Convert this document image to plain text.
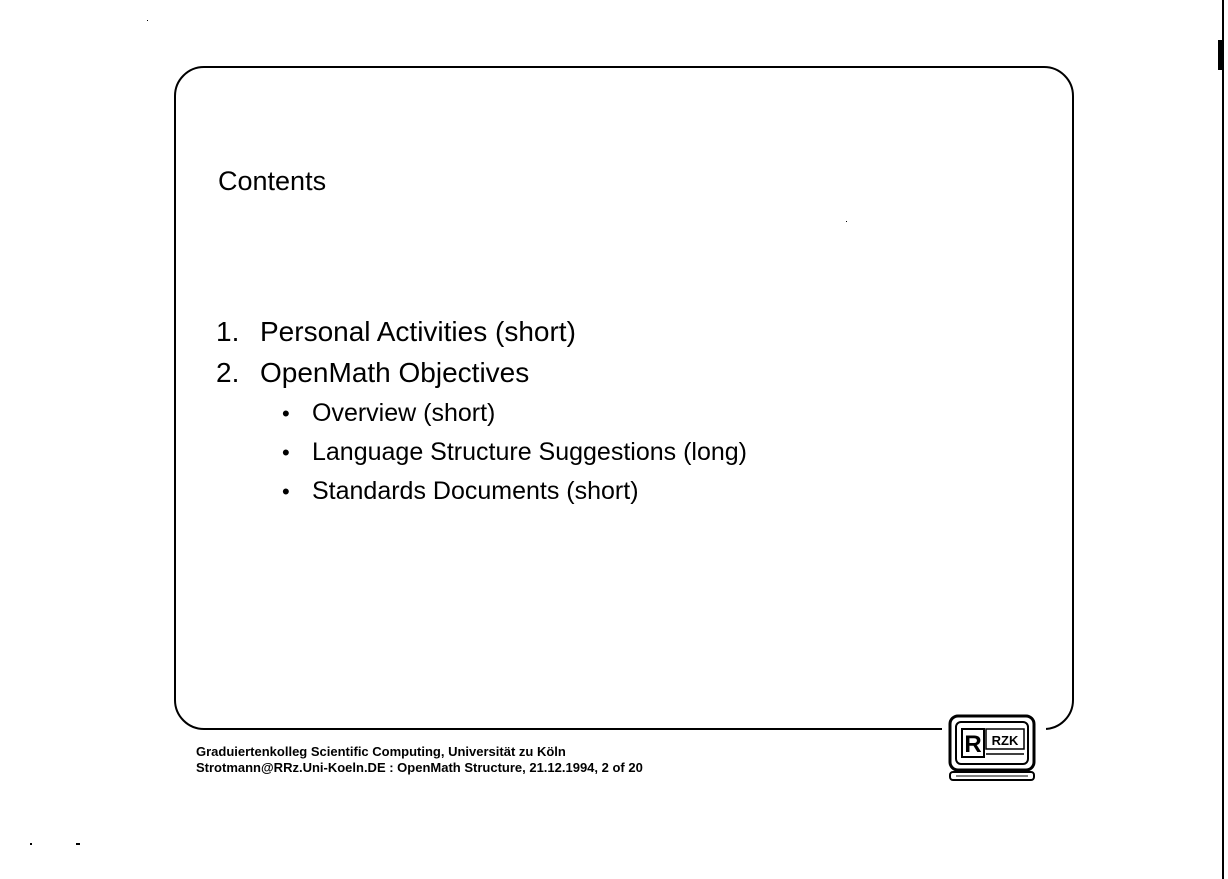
Contents
1. Personal Activities (short)
2. OpenMath Objectives
• Overview (short)
• Language Structure Suggestions (long)
• Standards Documents (short)
Graduiertenkolleg Scientific Computing, Universität zu Köln
Strotmann@RRz.Uni-Koeln.DE : OpenMath Structure, 21.12.1994, 2 of 20
R RZK
